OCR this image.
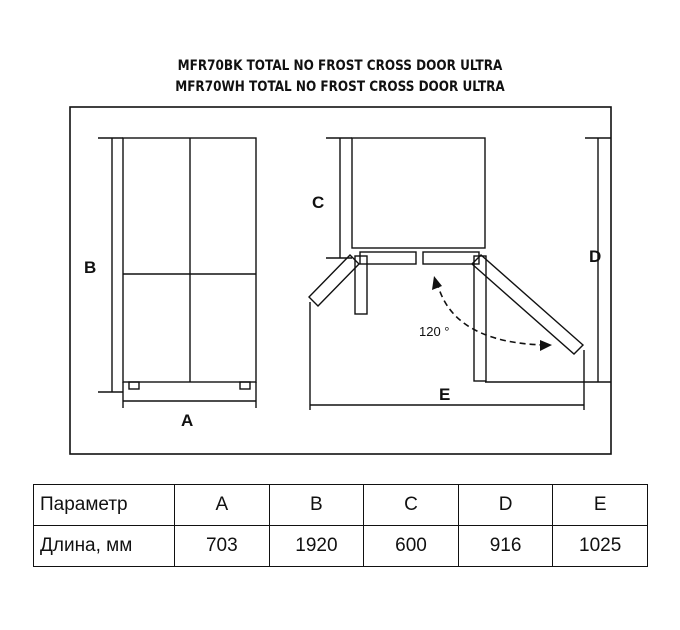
MFR70BK TOTAL NO FROST CROSS DOOR ULTRA
MFR70WH TOTAL NO FROST CROSS DOOR ULTRA
B
A
C
D
E
120 °
Параметр	A	B	C	D	E
Длина, мм	703	1920	600	916	1025
